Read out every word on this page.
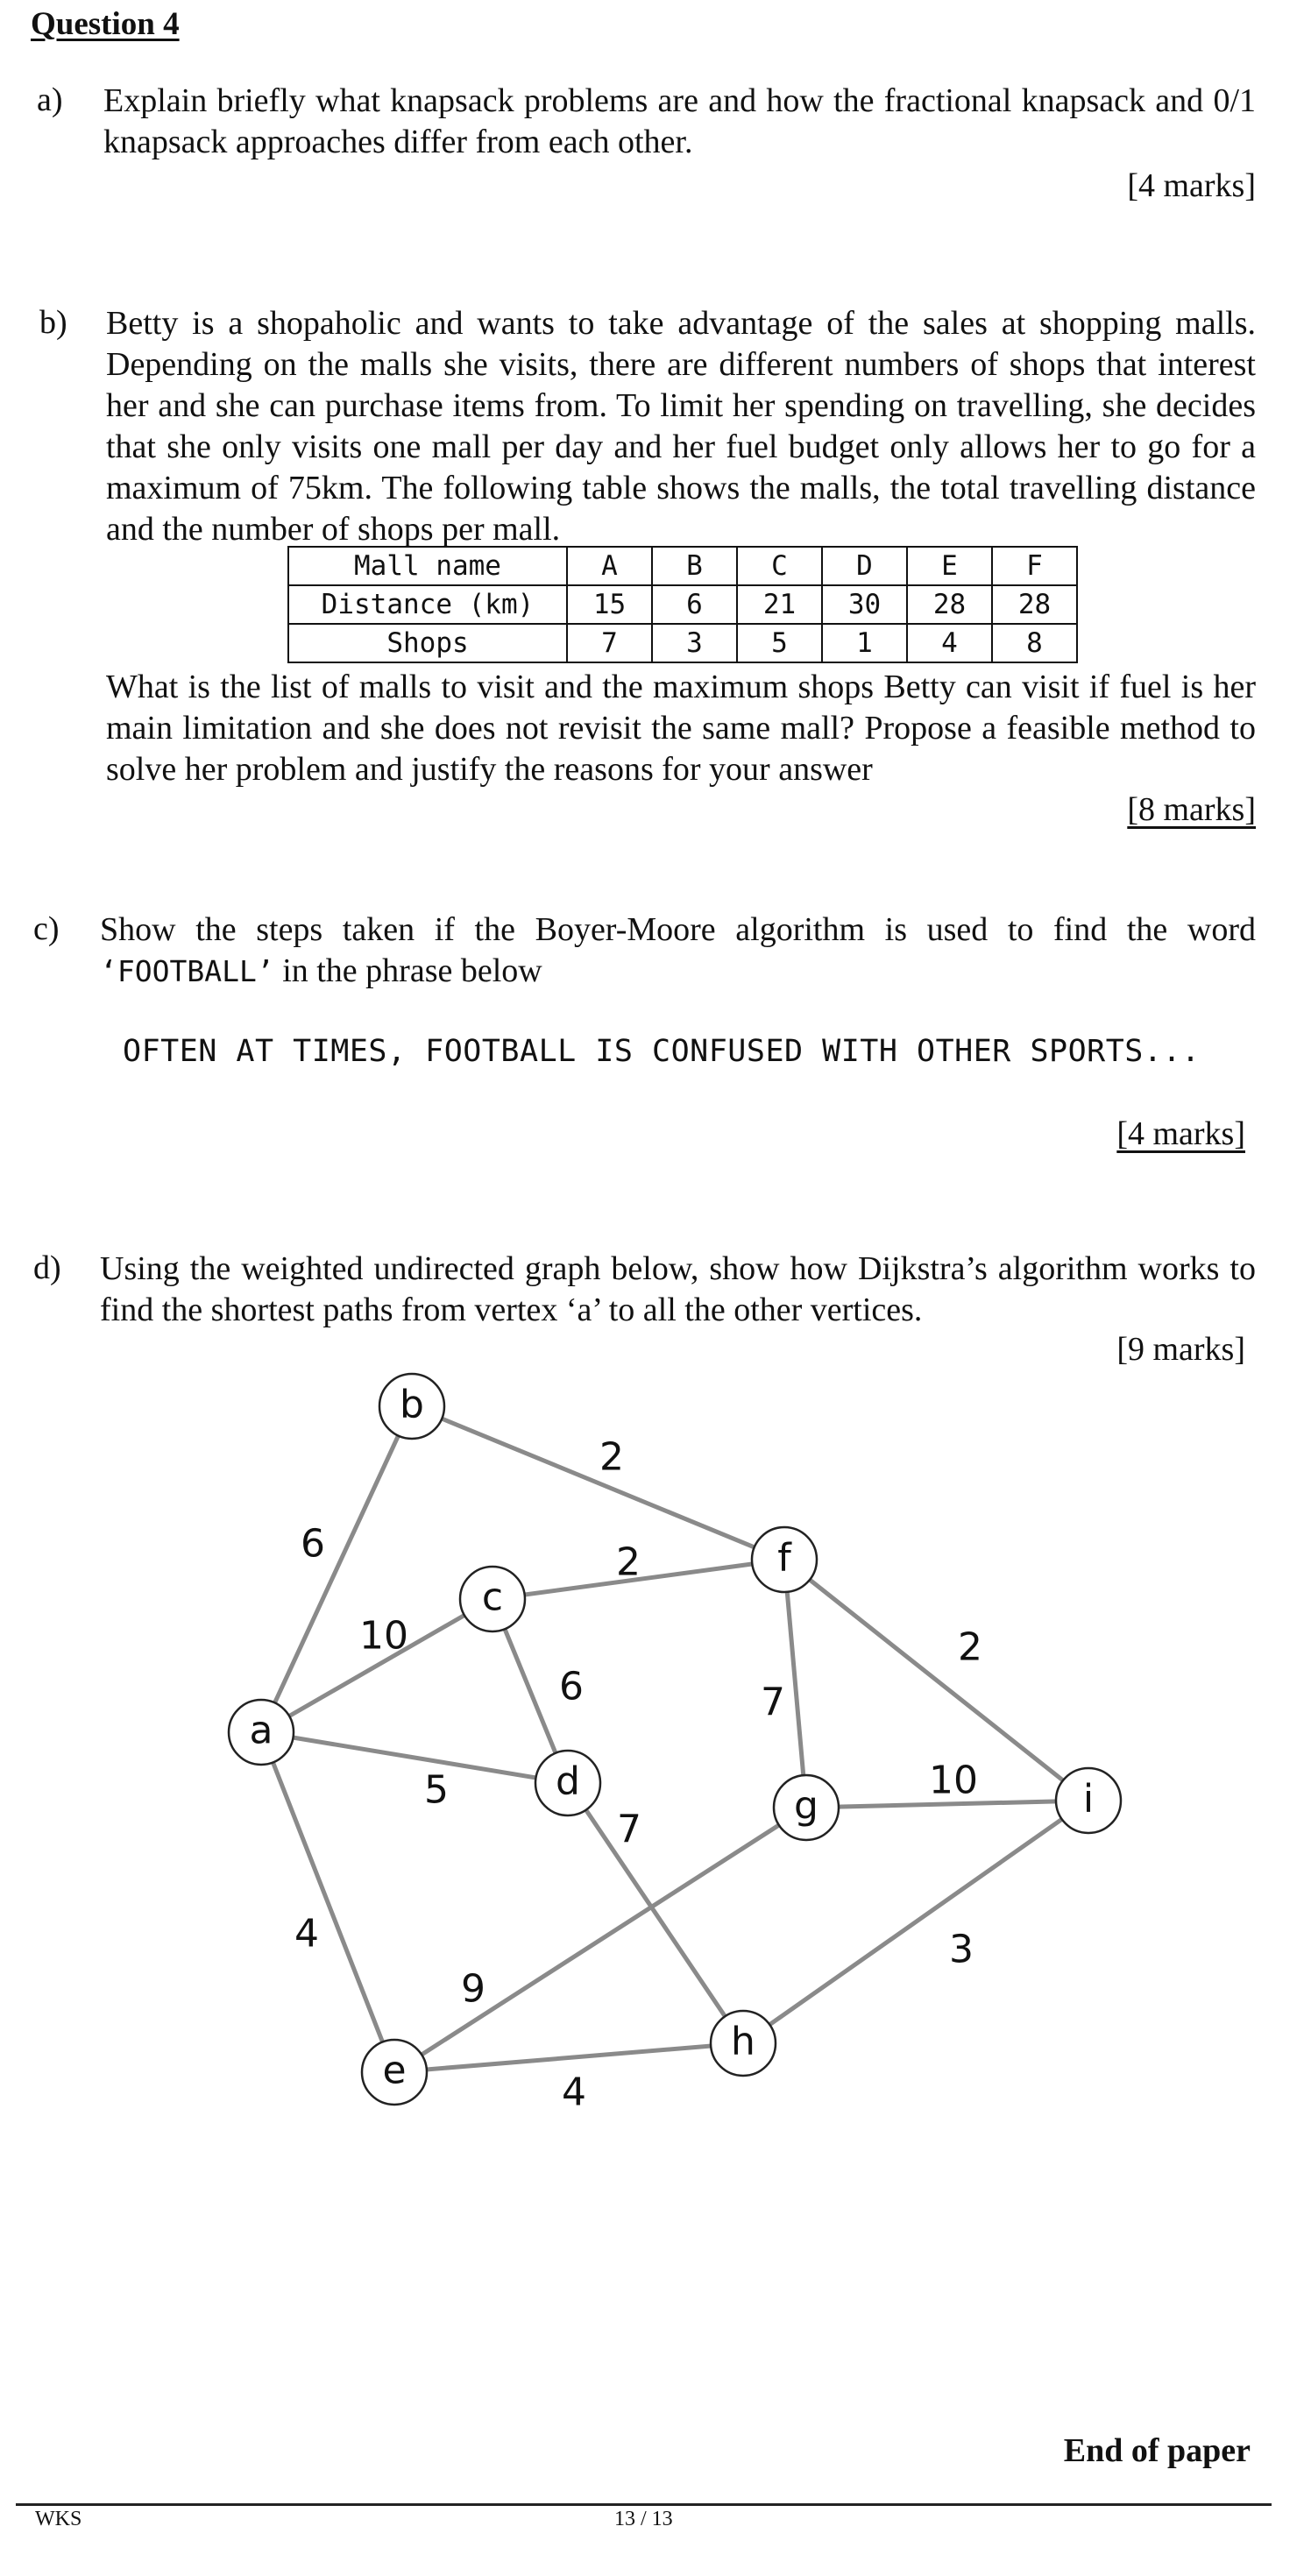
Question 4
a) Explain briefly what knapsack problems are and how the fractional knapsack and 0/1 knapsack approaches differ from each other.
[4 marks]
b) Betty is a shopaholic and wants to take advantage of the sales at shopping malls. Depending on the malls she visits, there are different numbers of shops that interest her and she can purchase items from. To limit her spending on travelling, she decides that she only visits one mall per day and her fuel budget only allows her to go for a maximum of 75km. The following table shows the malls, the total travelling distance and the number of shops per mall.
Mall name	A	B	C	D	E	F
Distance (km)	15	6	21	30	28	28
Shops	7	3	5	1	4	8
What is the list of malls to visit and the maximum shops Betty can visit if fuel is her main limitation and she does not revisit the same mall? Propose a feasible method to solve her problem and justify the reasons for your answer
[8 marks]
c) Show the steps taken if the Boyer-Moore algorithm is used to find the word ‘FOOTBALL’ in the phrase below
OFTEN AT TIMES, FOOTBALL IS CONFUSED WITH OTHER SPORTS...
[4 marks]
d) Using the weighted undirected graph below, show how Dijkstra’s algorithm works to find the shortest paths from vertex ‘a’ to all the other vertices.
[9 marks]
6
10
5
4
2
2
6
7
9
4
7
2
10
3
a
b
c
d
e
f
g
h
i
End of paper
WKS	13 / 13
